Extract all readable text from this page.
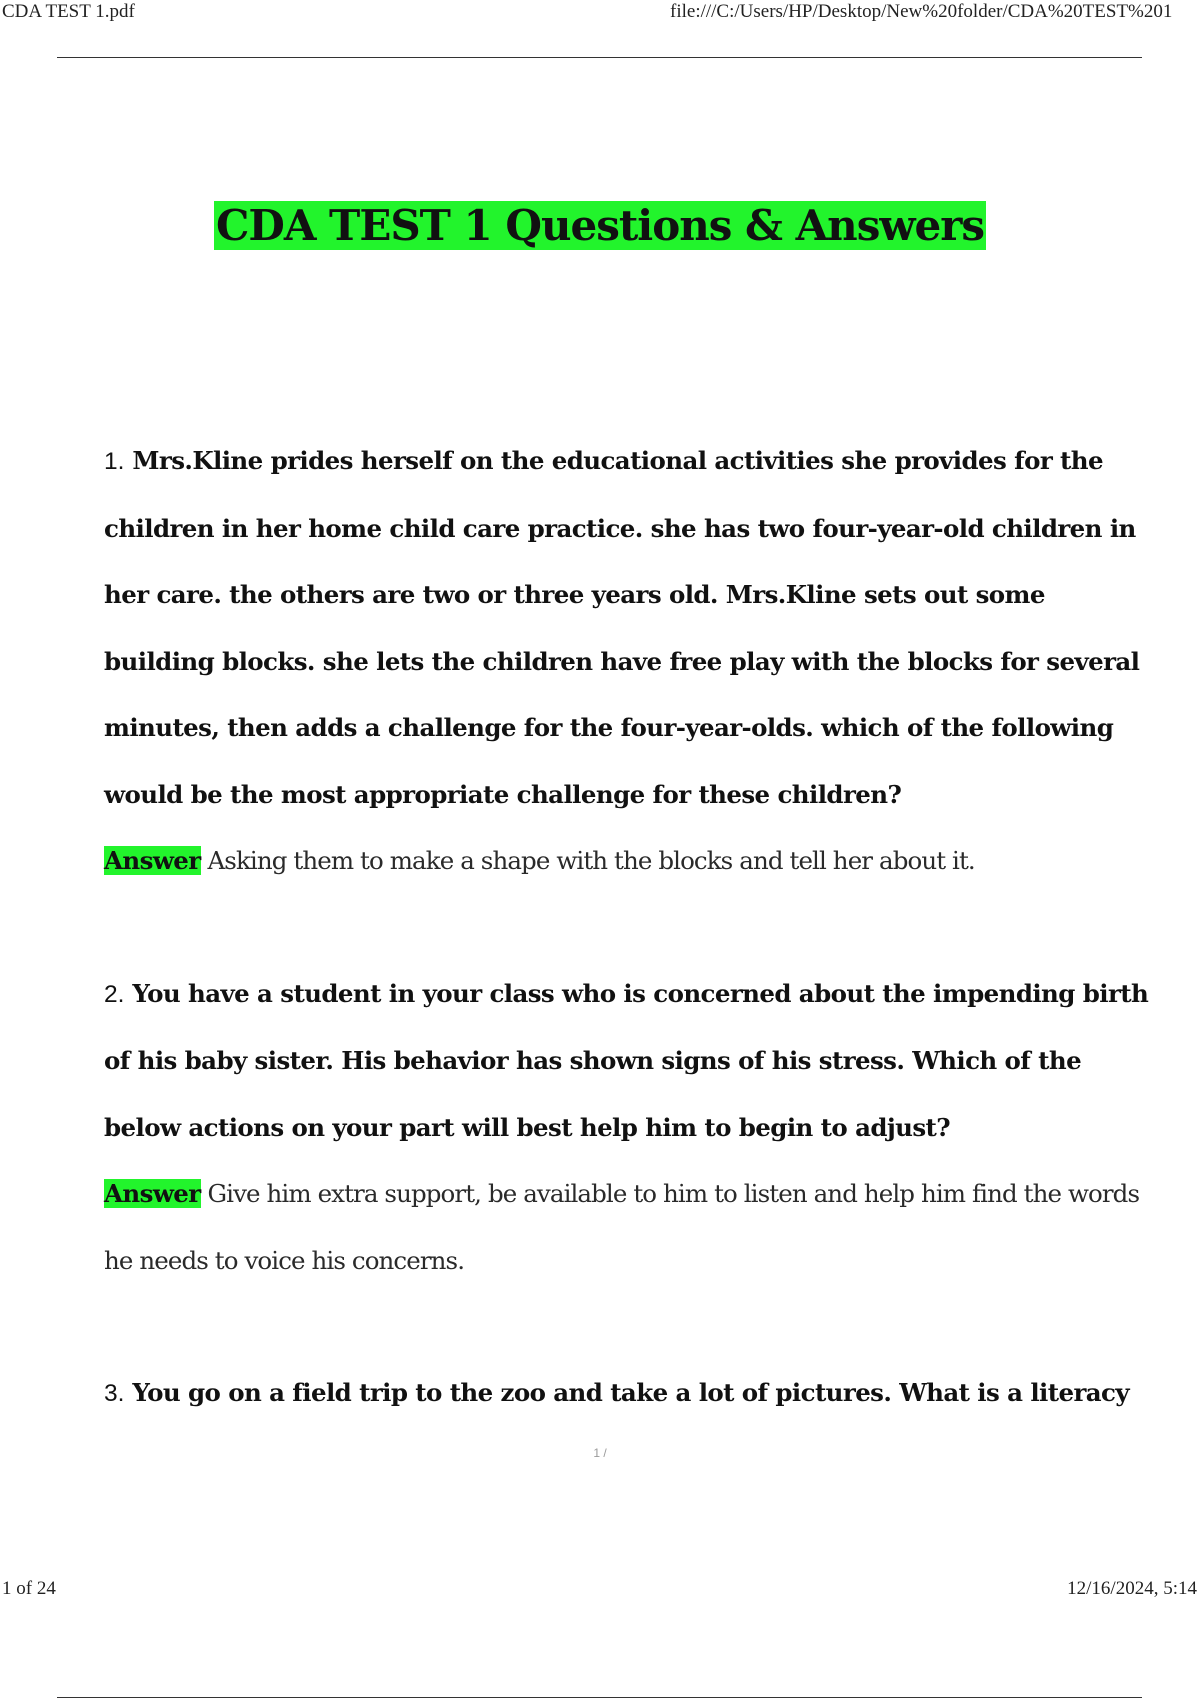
CDA TEST 1.pdf	file:///C:/Users/HP/Desktop/New%20folder/CDA%20TEST%201
CDA TEST 1 Questions & Answers

1. Mrs.Kline prides herself on the educational activities she provides for the children in her home child care practice. she has two four-year-old children in her care. the others are two or three years old. Mrs.Kline sets out some building blocks. she lets the children have free play with the blocks for several minutes, then adds a challenge for the four-year-olds. which of the following would be the most appropriate challenge for these children?

Answer Asking them to make a shape with the blocks and tell her about it.

2. You have a student in your class who is concerned about the impending birth of his baby sister. His behavior has shown signs of his stress. Which of the below actions on your part will best help him to begin to adjust?

Answer Give him extra support, be available to him to listen and help him find the words he needs to voice his concerns.

3. You go on a field trip to the zoo and take a lot of pictures. What is a literacy

1 /
1 of 24	12/16/2024, 5:14
